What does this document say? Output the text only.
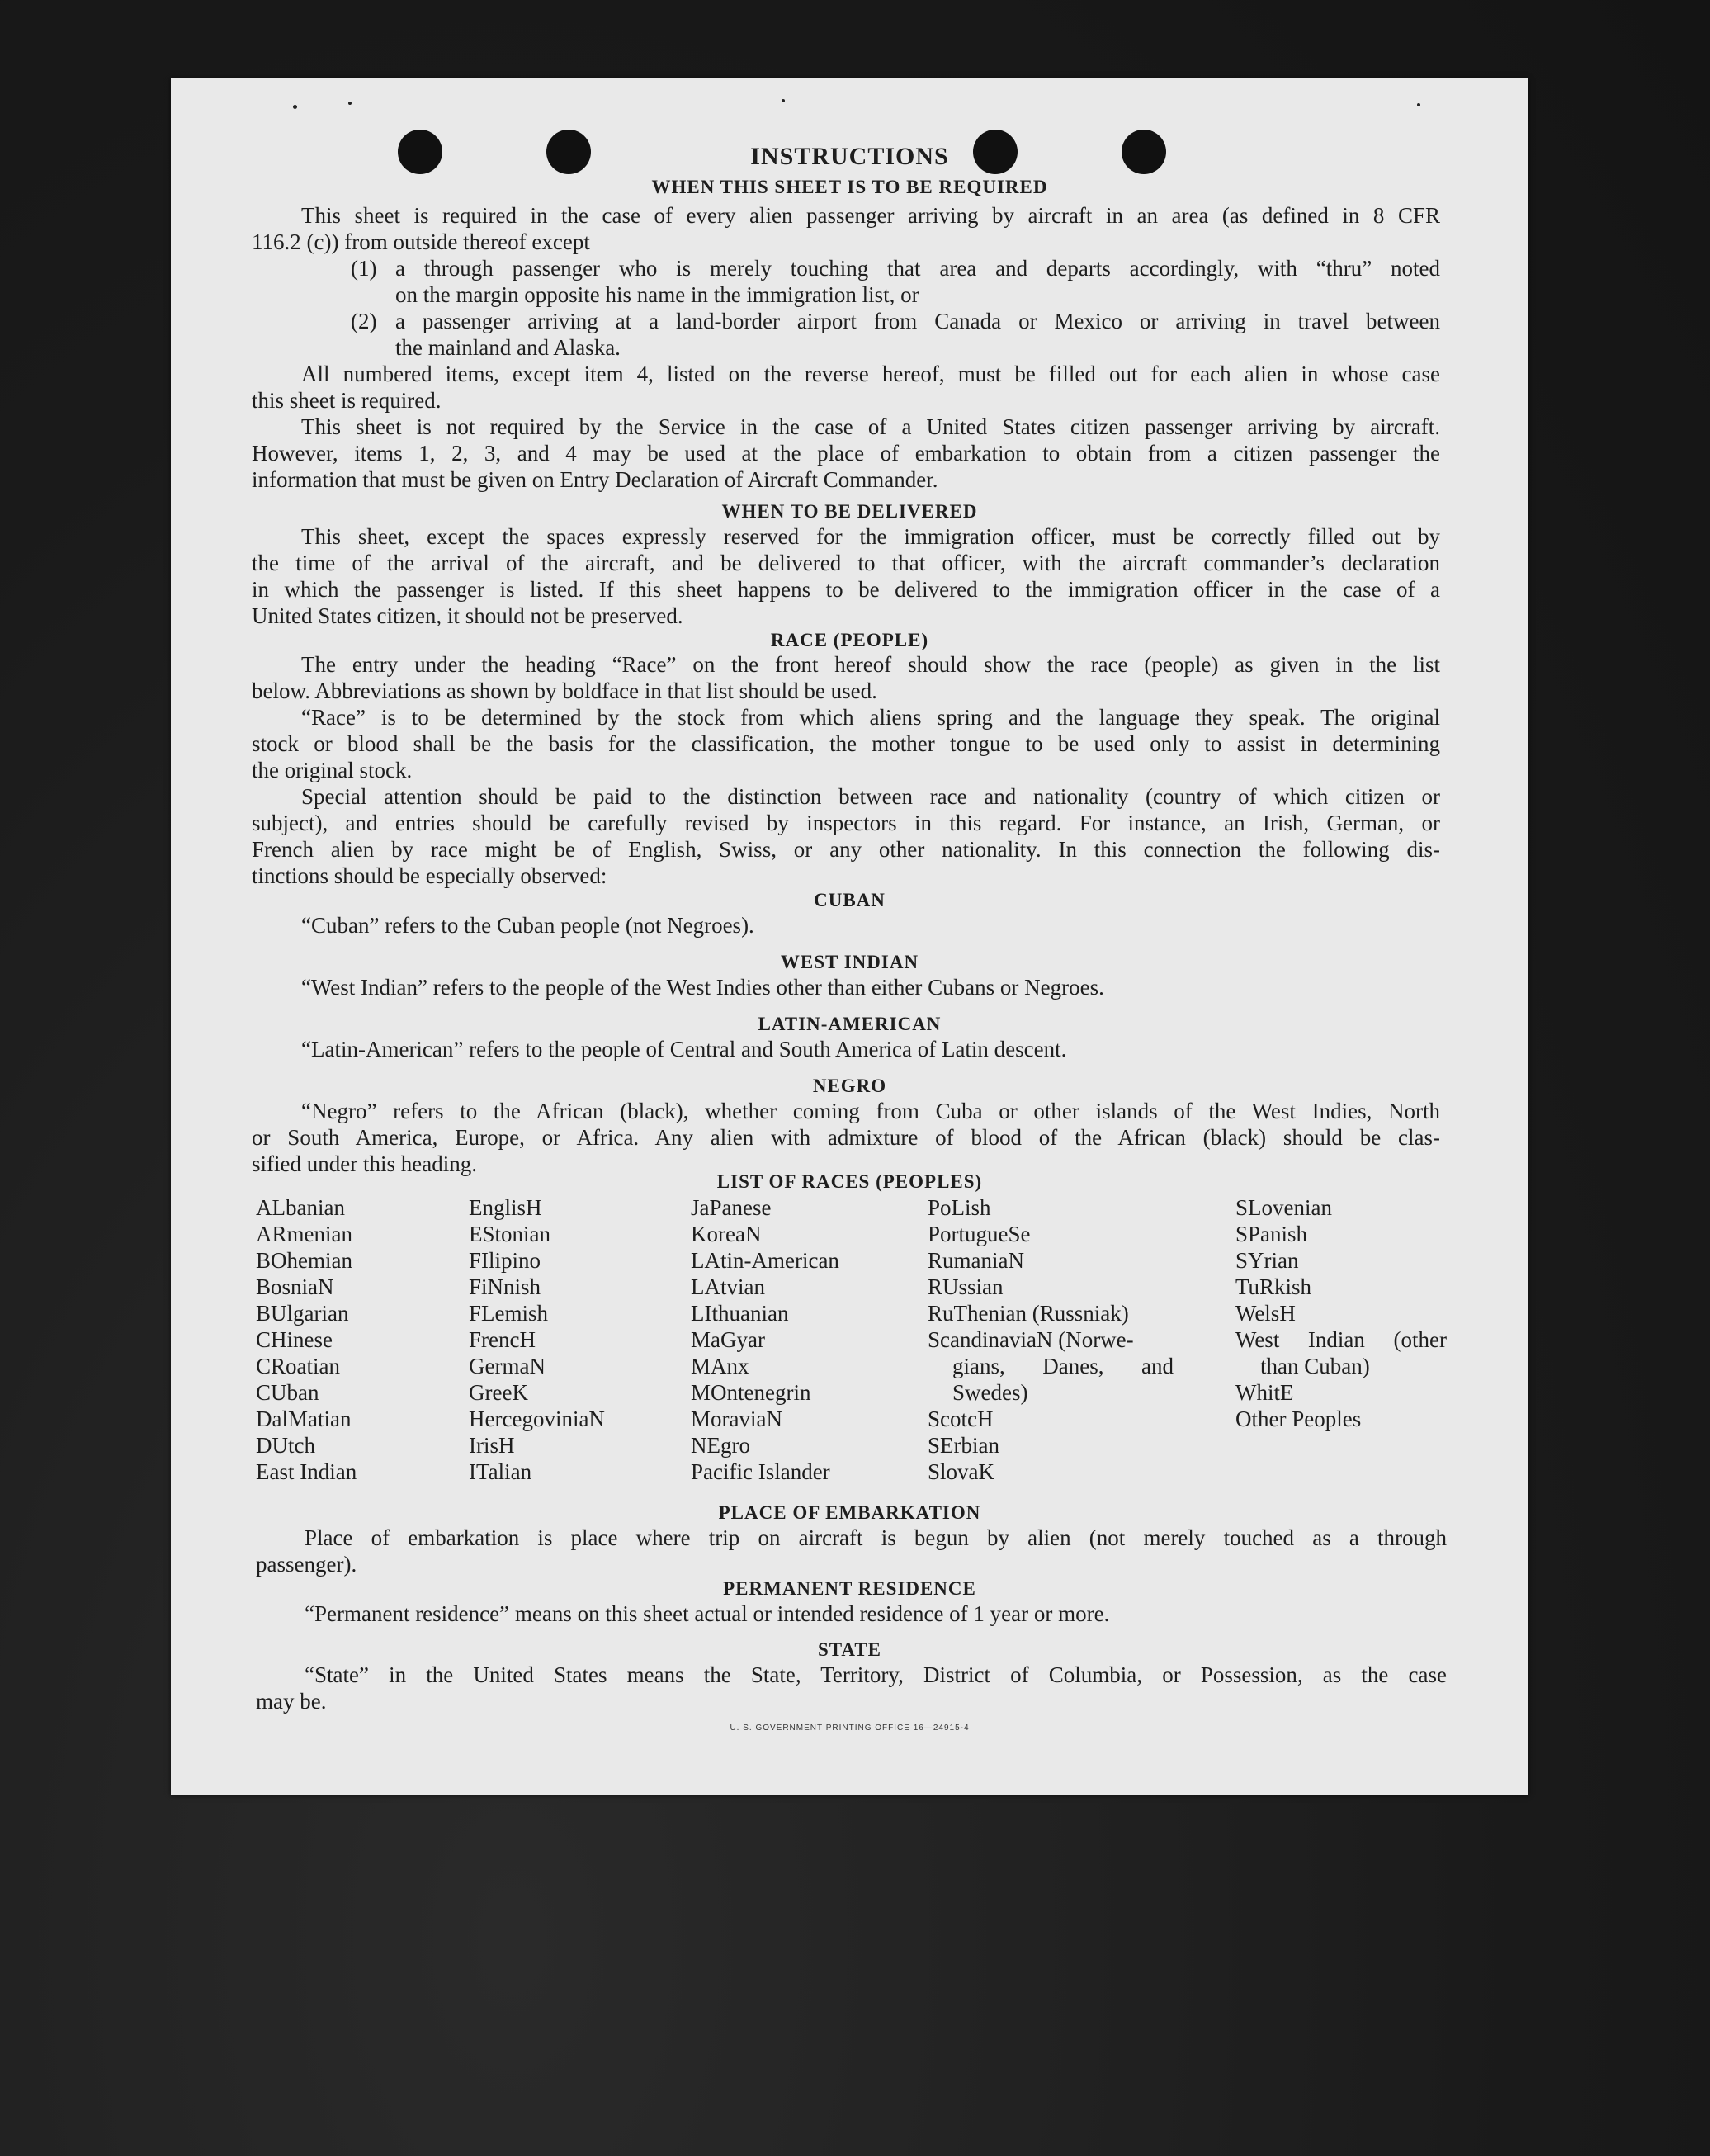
INSTRUCTIONS
WHEN THIS SHEET IS TO BE REQUIRED
This sheet is required in the case of every alien passenger arriving by aircraft in an area (as defined in 8 CFR
116.2 (c)) from outside thereof except
(1) a through passenger who is merely touching that area and departs accordingly, with “thru” noted
on the margin opposite his name in the immigration list, or
(2) a passenger arriving at a land-border airport from Canada or Mexico or arriving in travel between
the mainland and Alaska.
All numbered items, except item 4, listed on the reverse hereof, must be filled out for each alien in whose case
this sheet is required.
This sheet is not required by the Service in the case of a United States citizen passenger arriving by aircraft.
However, items 1, 2, 3, and 4 may be used at the place of embarkation to obtain from a citizen passenger the
information that must be given on Entry Declaration of Aircraft Commander.
WHEN TO BE DELIVERED
This sheet, except the spaces expressly reserved for the immigration officer, must be correctly filled out by
the time of the arrival of the aircraft, and be delivered to that officer, with the aircraft commander’s declaration
in which the passenger is listed. If this sheet happens to be delivered to the immigration officer in the case of a
United States citizen, it should not be preserved.
RACE (PEOPLE)
The entry under the heading “Race” on the front hereof should show the race (people) as given in the list
below. Abbreviations as shown by boldface in that list should be used.
“Race” is to be determined by the stock from which aliens spring and the language they speak. The original
stock or blood shall be the basis for the classification, the mother tongue to be used only to assist in determining
the original stock.
Special attention should be paid to the distinction between race and nationality (country of which citizen or
subject), and entries should be carefully revised by inspectors in this regard. For instance, an Irish, German, or
French alien by race might be of English, Swiss, or any other nationality. In this connection the following dis-
tinctions should be especially observed:
CUBAN
“Cuban” refers to the Cuban people (not Negroes).
WEST INDIAN
“West Indian” refers to the people of the West Indies other than either Cubans or Negroes.
LATIN-AMERICAN
“Latin-American” refers to the people of Central and South America of Latin descent.
NEGRO
“Negro” refers to the African (black), whether coming from Cuba or other islands of the West Indies, North
or South America, Europe, or Africa. Any alien with admixture of blood of the African (black) should be clas-
sified under this heading.
LIST OF RACES (PEOPLES)
ALbanian
ARmenian
BOhemian
BosniaN
BUlgarian
CHinese
CRoatian
CUban
DalMatian
DUtch
East Indian
EnglisH
EStonian
FIlipino
FiNnish
FLemish
FrencH
GermaN
GreeK
HercegoviniaN
IrisH
ITalian
JaPanese
KoreaN
LAtin-American
LAtvian
LIthuanian
MaGyar
MAnx
MOntenegrin
MoraviaN
NEgro
Pacific Islander
PoLish
PortugueSe
RumaniaN
RUssian
RuThenian (Russniak)
ScandinaviaN (Norwe-
gians, Danes, and
Swedes)
ScotcH
SErbian
SlovaK
SLovenian
SPanish
SYrian
TuRkish
WelsH
West Indian (other
than Cuban)
WhitE
Other Peoples
PLACE OF EMBARKATION
Place of embarkation is place where trip on aircraft is begun by alien (not merely touched as a through
passenger).
PERMANENT RESIDENCE
“Permanent residence” means on this sheet actual or intended residence of 1 year or more.
STATE
“State” in the United States means the State, Territory, District of Columbia, or Possession, as the case
may be.
U. S. GOVERNMENT PRINTING OFFICE 16—24915-4
